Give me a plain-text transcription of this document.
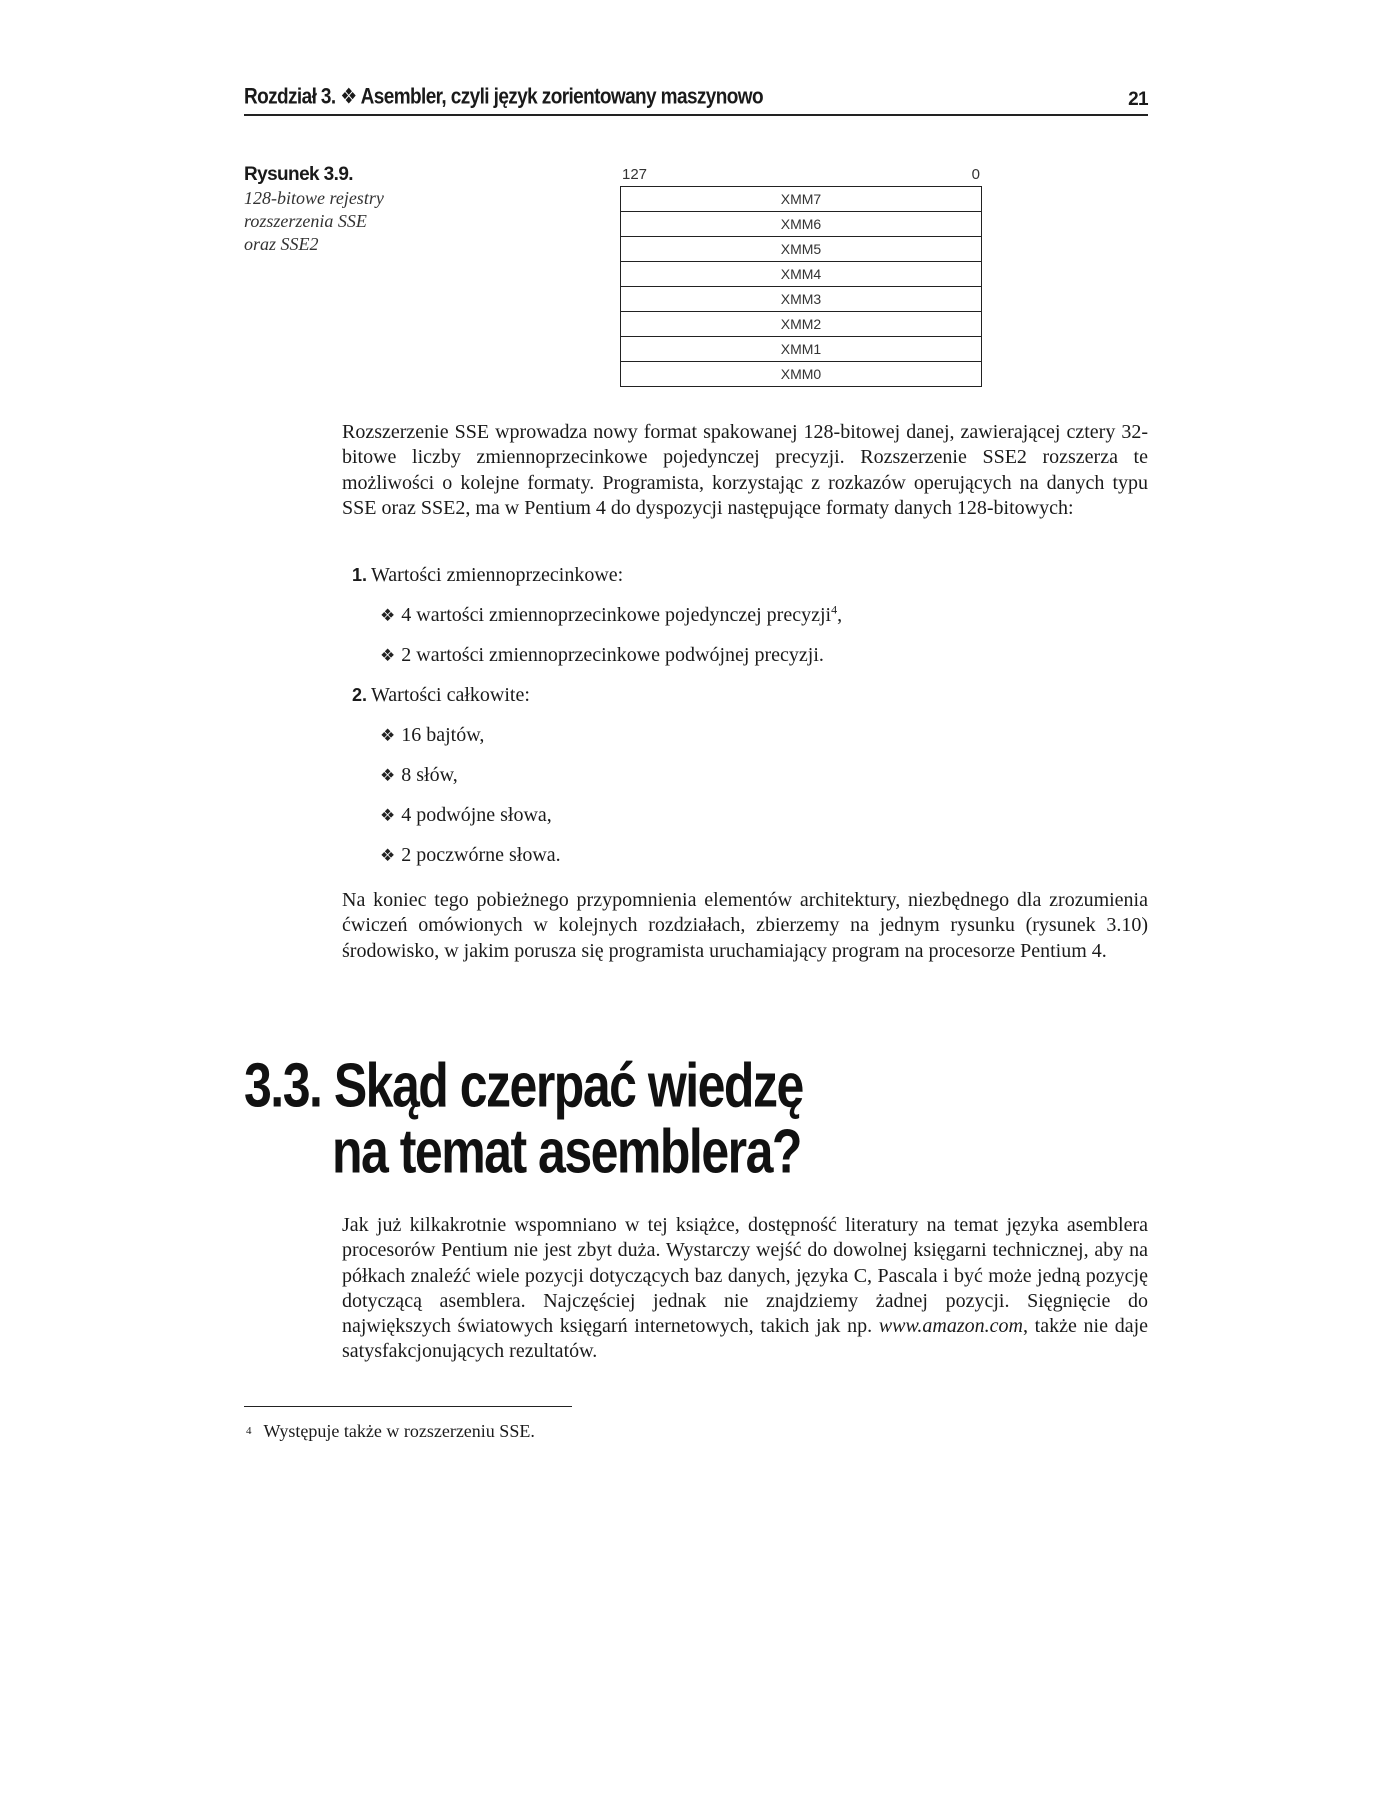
Rozdział 3. ❖ Asembler, czyli język zorientowany maszynowo	21
Rysunek 3.9.
128-bitowe rejestry
rozszerzenia SSE
oraz SSE2
127	0
XMM7
XMM6
XMM5
XMM4
XMM3
XMM2
XMM1
XMM0

Rozszerzenie SSE wprowadza nowy format spakowanej 128-bitowej danej, zawierającej cztery 32-bitowe liczby zmiennoprzecinkowe pojedynczej precyzji. Rozszerzenie SSE2 rozszerza te możliwości o kolejne formaty. Programista, korzystając z rozkazów operujących na danych typu SSE oraz SSE2, ma w Pentium 4 do dyspozycji następujące formaty danych 128-bitowych:

1. Wartości zmiennoprzecinkowe:
❖ 4 wartości zmiennoprzecinkowe pojedynczej precyzji$^4$,
❖ 2 wartości zmiennoprzecinkowe podwójnej precyzji.
2. Wartości całkowite:
❖ 16 bajtów,
❖ 8 słów,
❖ 4 podwójne słowa,
❖ 2 poczwórne słowa.

Na koniec tego pobieżnego przypomnienia elementów architektury, niezbędnego dla zrozumienia ćwiczeń omówionych w kolejnych rozdziałach, zbierzemy na jednym rysunku (rysunek 3.10) środowisko, w jakim porusza się programista uruchamiający program na procesorze Pentium 4.

3.3. Skąd czerpać wiedzę
na temat asemblera?

Jak już kilkakrotnie wspomniano w tej książce, dostępność literatury na temat języka asemblera procesorów Pentium nie jest zbyt duża. Wystarczy wejść do dowolnej księgarni technicznej, aby na półkach znaleźć wiele pozycji dotyczących baz danych, języka C, Pascala i być może jedną pozycję dotyczącą asemblera. Najczęściej jednak nie znajdziemy żadnej pozycji. Sięgnięcie do największych światowych księgarń internetowych, takich jak np. www.amazon.com, także nie daje satysfakcjonujących rezultatów.

$^4$ Występuje także w rozszerzeniu SSE.
